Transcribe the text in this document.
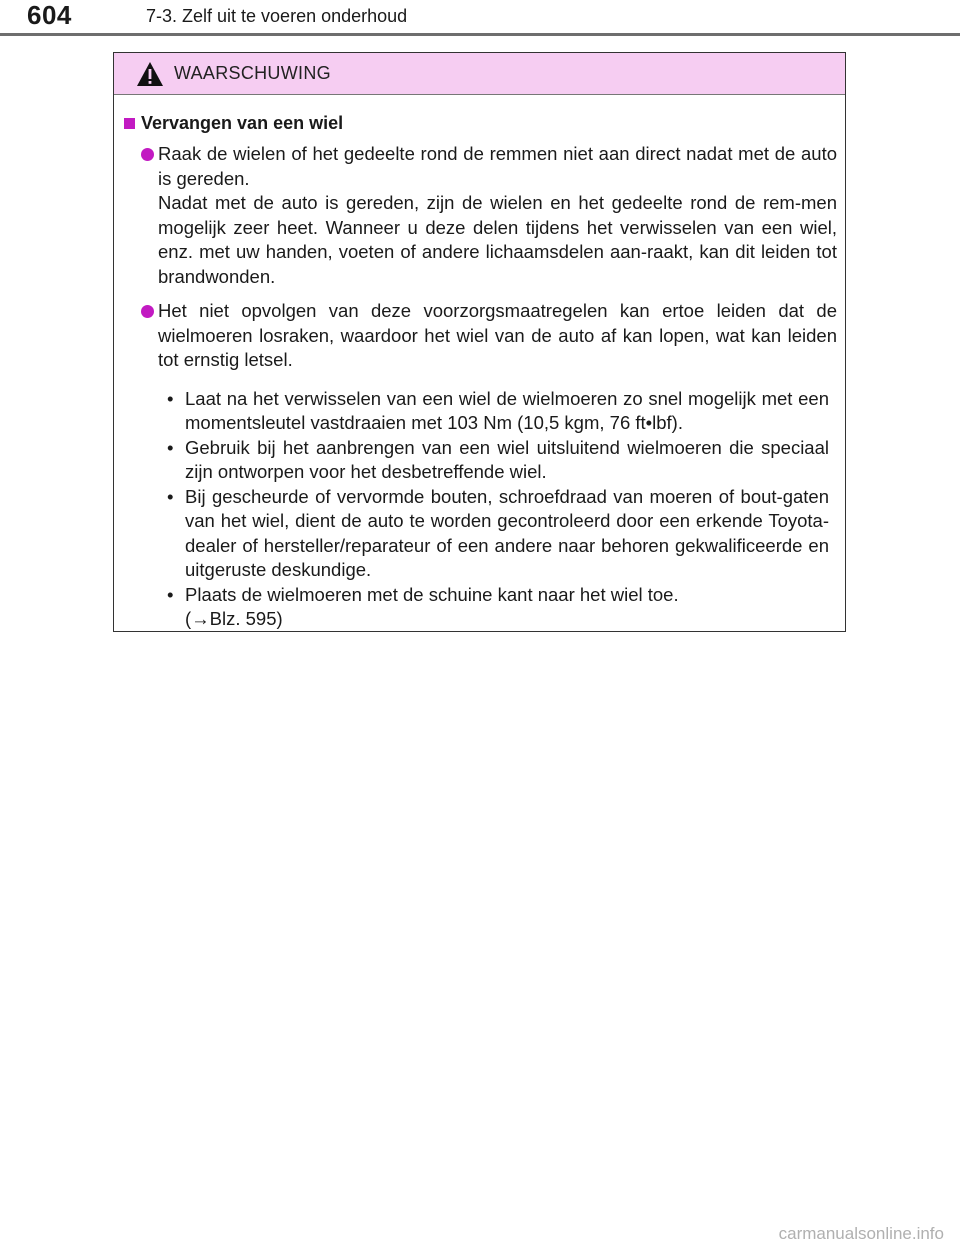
604	7-3. Zelf uit te voeren onderhoud
WAARSCHUWING
Vervangen van een wiel

Raak de wielen of het gedeelte rond de remmen niet aan direct nadat met de auto is gereden.
Nadat met de auto is gereden, zijn de wielen en het gedeelte rond de rem-men mogelijk zeer heet. Wanneer u deze delen tijdens het verwisselen van een wiel, enz. met uw handen, voeten of andere lichaamsdelen aan-raakt, kan dit leiden tot brandwonden.

Het niet opvolgen van deze voorzorgsmaatregelen kan ertoe leiden dat de wielmoeren losraken, waardoor het wiel van de auto af kan lopen, wat kan leiden tot ernstig letsel.

• Laat na het verwisselen van een wiel de wielmoeren zo snel mogelijk met een momentsleutel vastdraaien met 103 Nm (10,5 kgm, 76 ft•lbf).
• Gebruik bij het aanbrengen van een wiel uitsluitend wielmoeren die speciaal zijn ontworpen voor het desbetreffende wiel.
• Bij gescheurde of vervormde bouten, schroefdraad van moeren of bout-gaten van het wiel, dient de auto te worden gecontroleerd door een erkende Toyota-dealer of hersteller/reparateur of een andere naar behoren gekwalificeerde en uitgeruste deskundige.
• Plaats de wielmoeren met de schuine kant naar het wiel toe.
(→Blz. 595)
carmanualsonline.info
